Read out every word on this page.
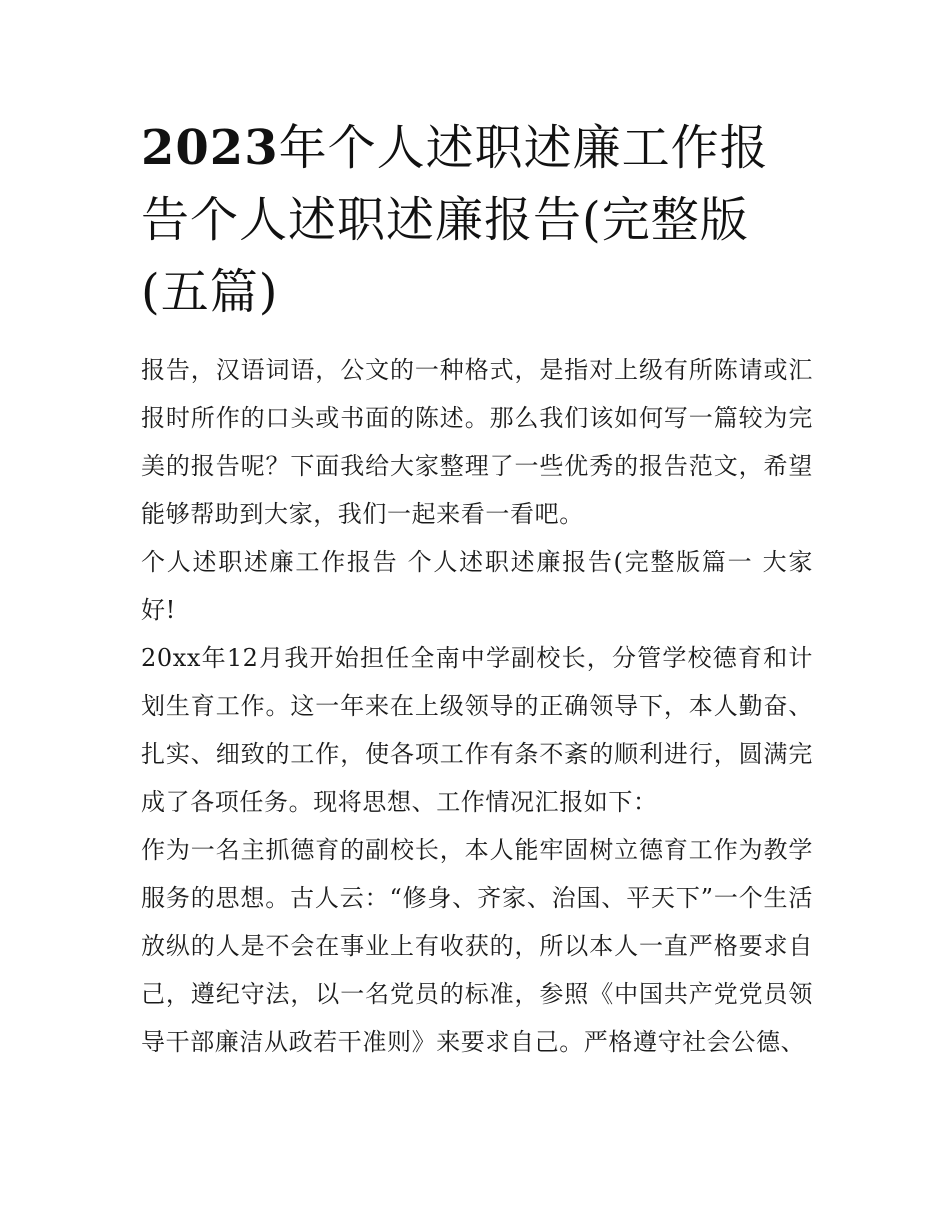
2023年个人述职述廉工作报告个人述职述廉报告(完整版(五篇)

报告，汉语词语，公文的一种格式，是指对上级有所陈请或汇报时所作的口头或书面的陈述。那么我们该如何写一篇较为完美的报告呢？下面我给大家整理了一些优秀的报告范文，希望能够帮助到大家，我们一起来看一看吧。

个人述职述廉工作报告 个人述职述廉报告(完整版篇一 大家好!

20xx年12月我开始担任全南中学副校长，分管学校德育和计划生育工作。这一年来在上级领导的正确领导下，本人勤奋、扎实、细致的工作，使各项工作有条不紊的顺利进行，圆满完成了各项任务。现将思想、工作情况汇报如下：

作为一名主抓德育的副校长，本人能牢固树立德育工作为教学服务的思想。古人云：“修身、齐家、治国、平天下”一个生活放纵的人是不会在事业上有收获的，所以本人一直严格要求自己，遵纪守法，以一名党员的标准，参照《中国共产党党员领导干部廉洁从政若干准则》来要求自己。严格遵守社会公德、
